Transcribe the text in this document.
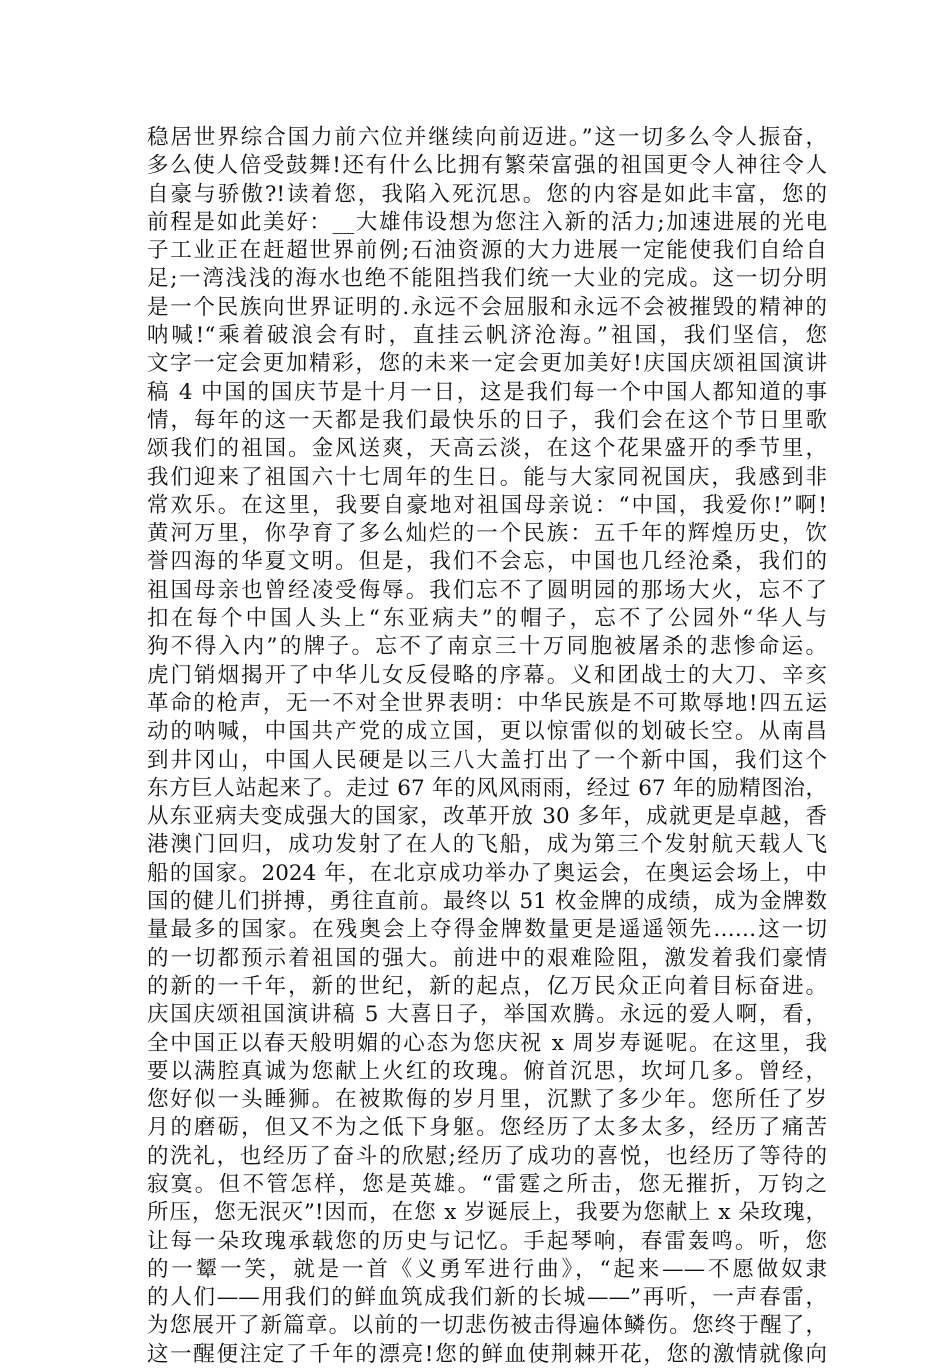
稳居世界综合国力前六位并继续向前迈进。”这一切多么令人振奋，
多么使人倍受鼓舞!还有什么比拥有繁荣富强的祖国更令人神往令人
自豪与骄傲?!读着您，我陷入死沉思。您的内容是如此丰富，您的
前程是如此美好：__大雄伟设想为您注入新的活力;加速进展的光电
子工业正在赶超世界前例;石油资源的大力进展一定能使我们自给自
足;一湾浅浅的海水也绝不能阻挡我们统一大业的完成。这一切分明
是一个民族向世界证明的.永远不会屈服和永远不会被摧毁的精神的
呐喊!“乘着破浪会有时，直挂云帆济沧海。”祖国，我们坚信，您
文字一定会更加精彩，您的未来一定会更加美好!庆国庆颂祖国演讲
稿 4 中国的国庆节是十月一日，这是我们每一个中国人都知道的事
情，每年的这一天都是我们最快乐的日子，我们会在这个节日里歌
颂我们的祖国。金风送爽，天高云淡，在这个花果盛开的季节里，
我们迎来了祖国六十七周年的生日。能与大家同祝国庆，我感到非
常欢乐。在这里，我要自豪地对祖国母亲说：“中国，我爱你!”啊!
黄河万里，你孕育了多么灿烂的一个民族：五千年的辉煌历史，饮
誉四海的华夏文明。但是，我们不会忘，中国也几经沧桑，我们的
祖国母亲也曾经凌受侮辱。我们忘不了圆明园的那场大火，忘不了
扣在每个中国人头上“东亚病夫”的帽子，忘不了公园外“华人与
狗不得入内”的牌子。忘不了南京三十万同胞被屠杀的悲惨命运。
虎门销烟揭开了中华儿女反侵略的序幕。义和团战士的大刀、辛亥
革命的枪声，无一不对全世界表明：中华民族是不可欺辱地!四五运
动的呐喊，中国共产党的成立国，更以惊雷似的划破长空。从南昌
到井冈山，中国人民硬是以三八大盖打出了一个新中国，我们这个
东方巨人站起来了。走过 67 年的风风雨雨，经过 67 年的励精图治，
从东亚病夫变成强大的国家，改革开放 30 多年，成就更是卓越，香
港澳门回归，成功发射了在人的飞船，成为第三个发射航天载人飞
船的国家。2024 年，在北京成功举办了奥运会，在奥运会场上，中
国的健儿们拼搏，勇往直前。最终以 51 枚金牌的成绩，成为金牌数
量最多的国家。在残奥会上夺得金牌数量更是遥遥领先……这一切
的一切都预示着祖国的强大。前进中的艰难险阻，激发着我们豪情
的新的一千年，新的世纪，新的起点，亿万民众正向着目标奋进。
庆国庆颂祖国演讲稿 5 大喜日子，举国欢腾。永远的爱人啊，看，
全中国正以春天般明媚的心态为您庆祝 x 周岁寿诞呢。在这里，我
要以满腔真诚为您献上火红的玫瑰。俯首沉思，坎坷几多。曾经，
您好似一头睡狮。在被欺侮的岁月里，沉默了多少年。您所任了岁
月的磨砺，但又不为之低下身躯。您经历了太多太多，经历了痛苦
的洗礼，也经历了奋斗的欣慰;经历了成功的喜悦，也经历了等待的
寂寞。但不管怎样，您是英雄。“雷霆之所击，您无摧折，万钧之
所压，您无泯灭”!因而，在您 x 岁诞辰上，我要为您献上 x 朵玫瑰，
让每一朵玫瑰承载您的历史与记忆。手起琴响，春雷轰鸣。听，您
的一颦一笑，就是一首《义勇军进行曲》，“起来——不愿做奴隶
的人们——用我们的鲜血筑成我们新的长城——”再听，一声春雷，
为您展开了新篇章。以前的一切悲伤被击得遍体鳞伤。您终于醒了，
这一醒便注定了千年的漂亮!您的鲜血使荆棘开花，您的激情就像向
